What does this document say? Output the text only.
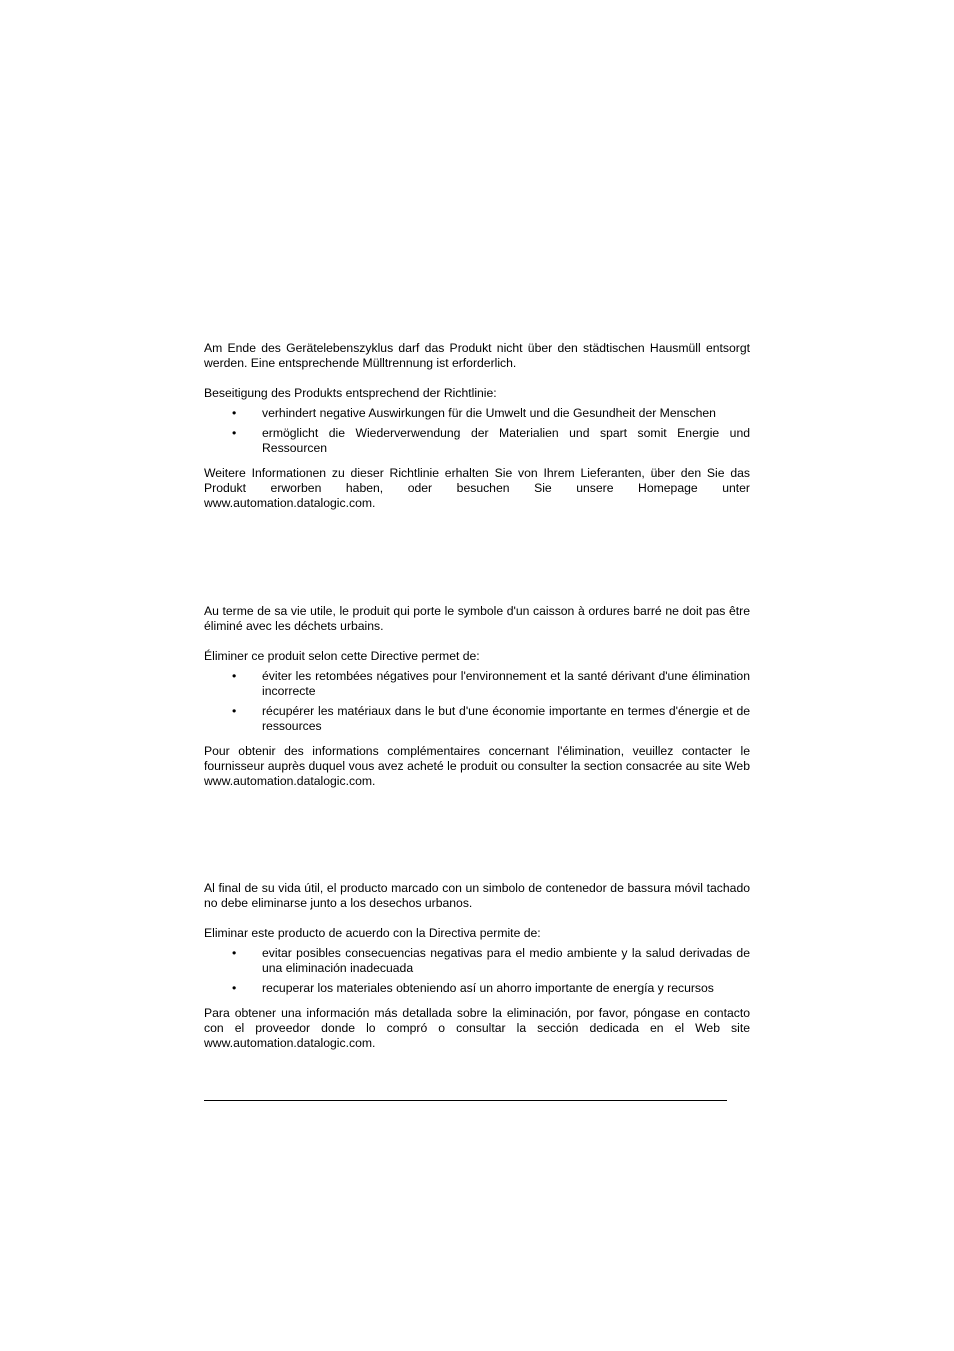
Am Ende des Gerätelebenszyklus darf das Produkt nicht über den städtischen Hausmüll entsorgt werden. Eine entsprechende Mülltrennung ist erforderlich.

Beseitigung des Produkts entsprechend der Richtlinie:

• verhindert negative Auswirkungen für die Umwelt und die Gesundheit der Menschen
• ermöglicht die Wiederverwendung der Materialien und spart somit Energie und Ressourcen

Weitere Informationen zu dieser Richtlinie erhalten Sie von Ihrem Lieferanten, über den Sie das Produkt erworben haben, oder besuchen Sie unsere Homepage unter www.automation.datalogic.com.

Au terme de sa vie utile, le produit qui porte le symbole d'un caisson à ordures barré ne doit pas être éliminé avec les déchets urbains.

Éliminer ce produit selon cette Directive permet de:

• éviter les retombées négatives pour l'environnement et la santé dérivant d'une élimination incorrecte
• récupérer les matériaux dans le but d'une économie importante en termes d'énergie et de ressources

Pour obtenir des informations complémentaires concernant l'élimination, veuillez contacter le fournisseur auprès duquel vous avez acheté le produit ou consulter la section consacrée au site Web www.automation.datalogic.com.

Al final de su vida útil, el producto marcado con un simbolo de contenedor de bassura móvil tachado no debe eliminarse junto a los desechos urbanos.

Eliminar este producto de acuerdo con la Directiva permite de:

• evitar posibles consecuencias negativas para el medio ambiente y la salud derivadas de una eliminación inadecuada
• recuperar los materiales obteniendo así un ahorro importante de energía y recursos

Para obtener una información más detallada sobre la eliminación, por favor, póngase en contacto con el proveedor donde lo compró o consultar la sección dedicada en el Web site www.automation.datalogic.com.
